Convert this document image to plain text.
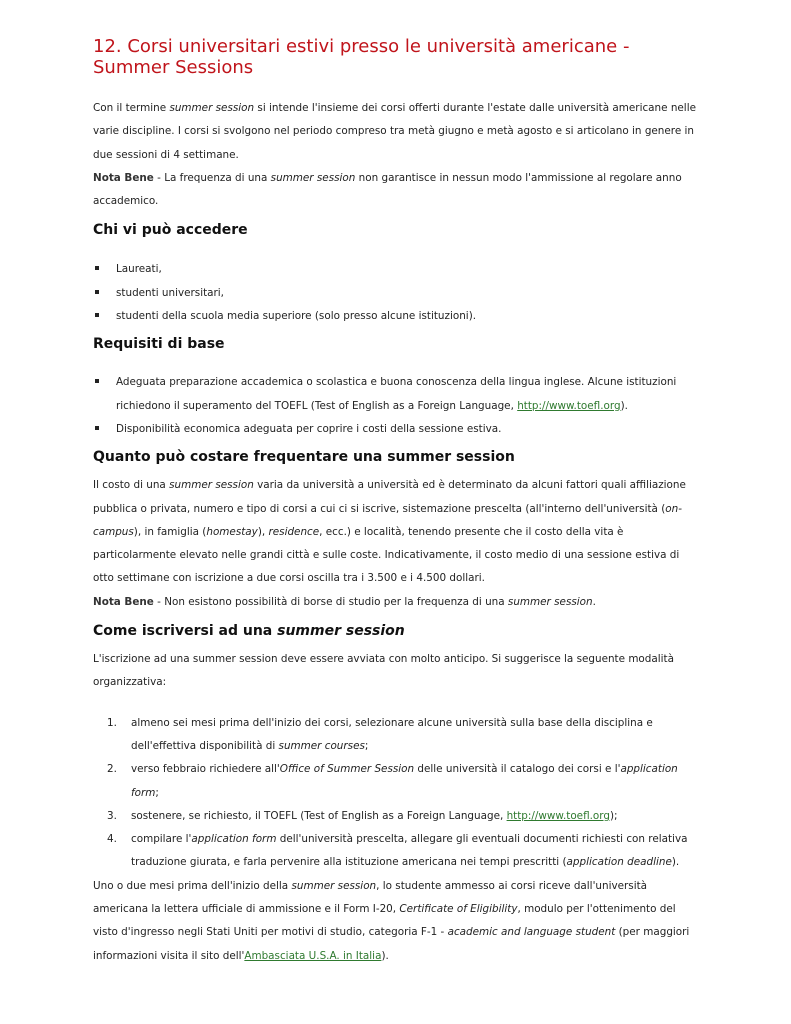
12. Corsi universitari estivi presso le università americane - Summer Sessions

Con il termine summer session si intende l'insieme dei corsi offerti durante l'estate dalle università americane nelle varie discipline. I corsi si svolgono nel periodo compreso tra metà giugno e metà agosto e si articolano in genere in due sessioni di 4 settimane.

Nota Bene - La frequenza di una summer session non garantisce in nessun modo l'ammissione al regolare anno accademico.

Chi vi può accedere
Laureati,
studenti universitari,
studenti della scuola media superiore (solo presso alcune istituzioni).
Requisiti di base
Adeguata preparazione accademica o scolastica e buona conoscenza della lingua inglese. Alcune istituzioni richiedono il superamento del TOEFL (Test of English as a Foreign Language, http://www.toefl.org).
Disponibilità economica adeguata per coprire i costi della sessione estiva.
Quanto può costare frequentare una summer session

Il costo di una summer session varia da università a università ed è determinato da alcuni fattori quali affiliazione pubblica o privata, numero e tipo di corsi a cui ci si iscrive, sistemazione prescelta (all'interno dell'università (on-campus), in famiglia (homestay), residence, ecc.) e località, tenendo presente che il costo della vita è particolarmente elevato nelle grandi città e sulle coste. Indicativamente, il costo medio di una sessione estiva di otto settimane con iscrizione a due corsi oscilla tra i 3.500 e i 4.500 dollari.

Nota Bene - Non esistono possibilità di borse di studio per la frequenza di una summer session.

Come iscriversi ad una summer session

L'iscrizione ad una summer session deve essere avviata con molto anticipo. Si suggerisce la seguente modalità organizzativa:

1. almeno sei mesi prima dell'inizio dei corsi, selezionare alcune università sulla base della disciplina e dell'effettiva disponibilità di summer courses;
2. verso febbraio richiedere all'Office of Summer Session delle università il catalogo dei corsi e l'application form;
3. sostenere, se richiesto, il TOEFL (Test of English as a Foreign Language, http://www.toefl.org);
4. compilare l'application form dell'università prescelta, allegare gli eventuali documenti richiesti con relativa traduzione giurata, e farla pervenire alla istituzione americana nei tempi prescritti (application deadline).

Uno o due mesi prima dell'inizio della summer session, lo studente ammesso ai corsi riceve dall'università americana la lettera ufficiale di ammissione e il Form I-20, Certificate of Eligibility, modulo per l'ottenimento del visto d'ingresso negli Stati Uniti per motivi di studio, categoria F-1 - academic and language student (per maggiori informazioni visita il sito dell'Ambasciata U.S.A. in Italia).
